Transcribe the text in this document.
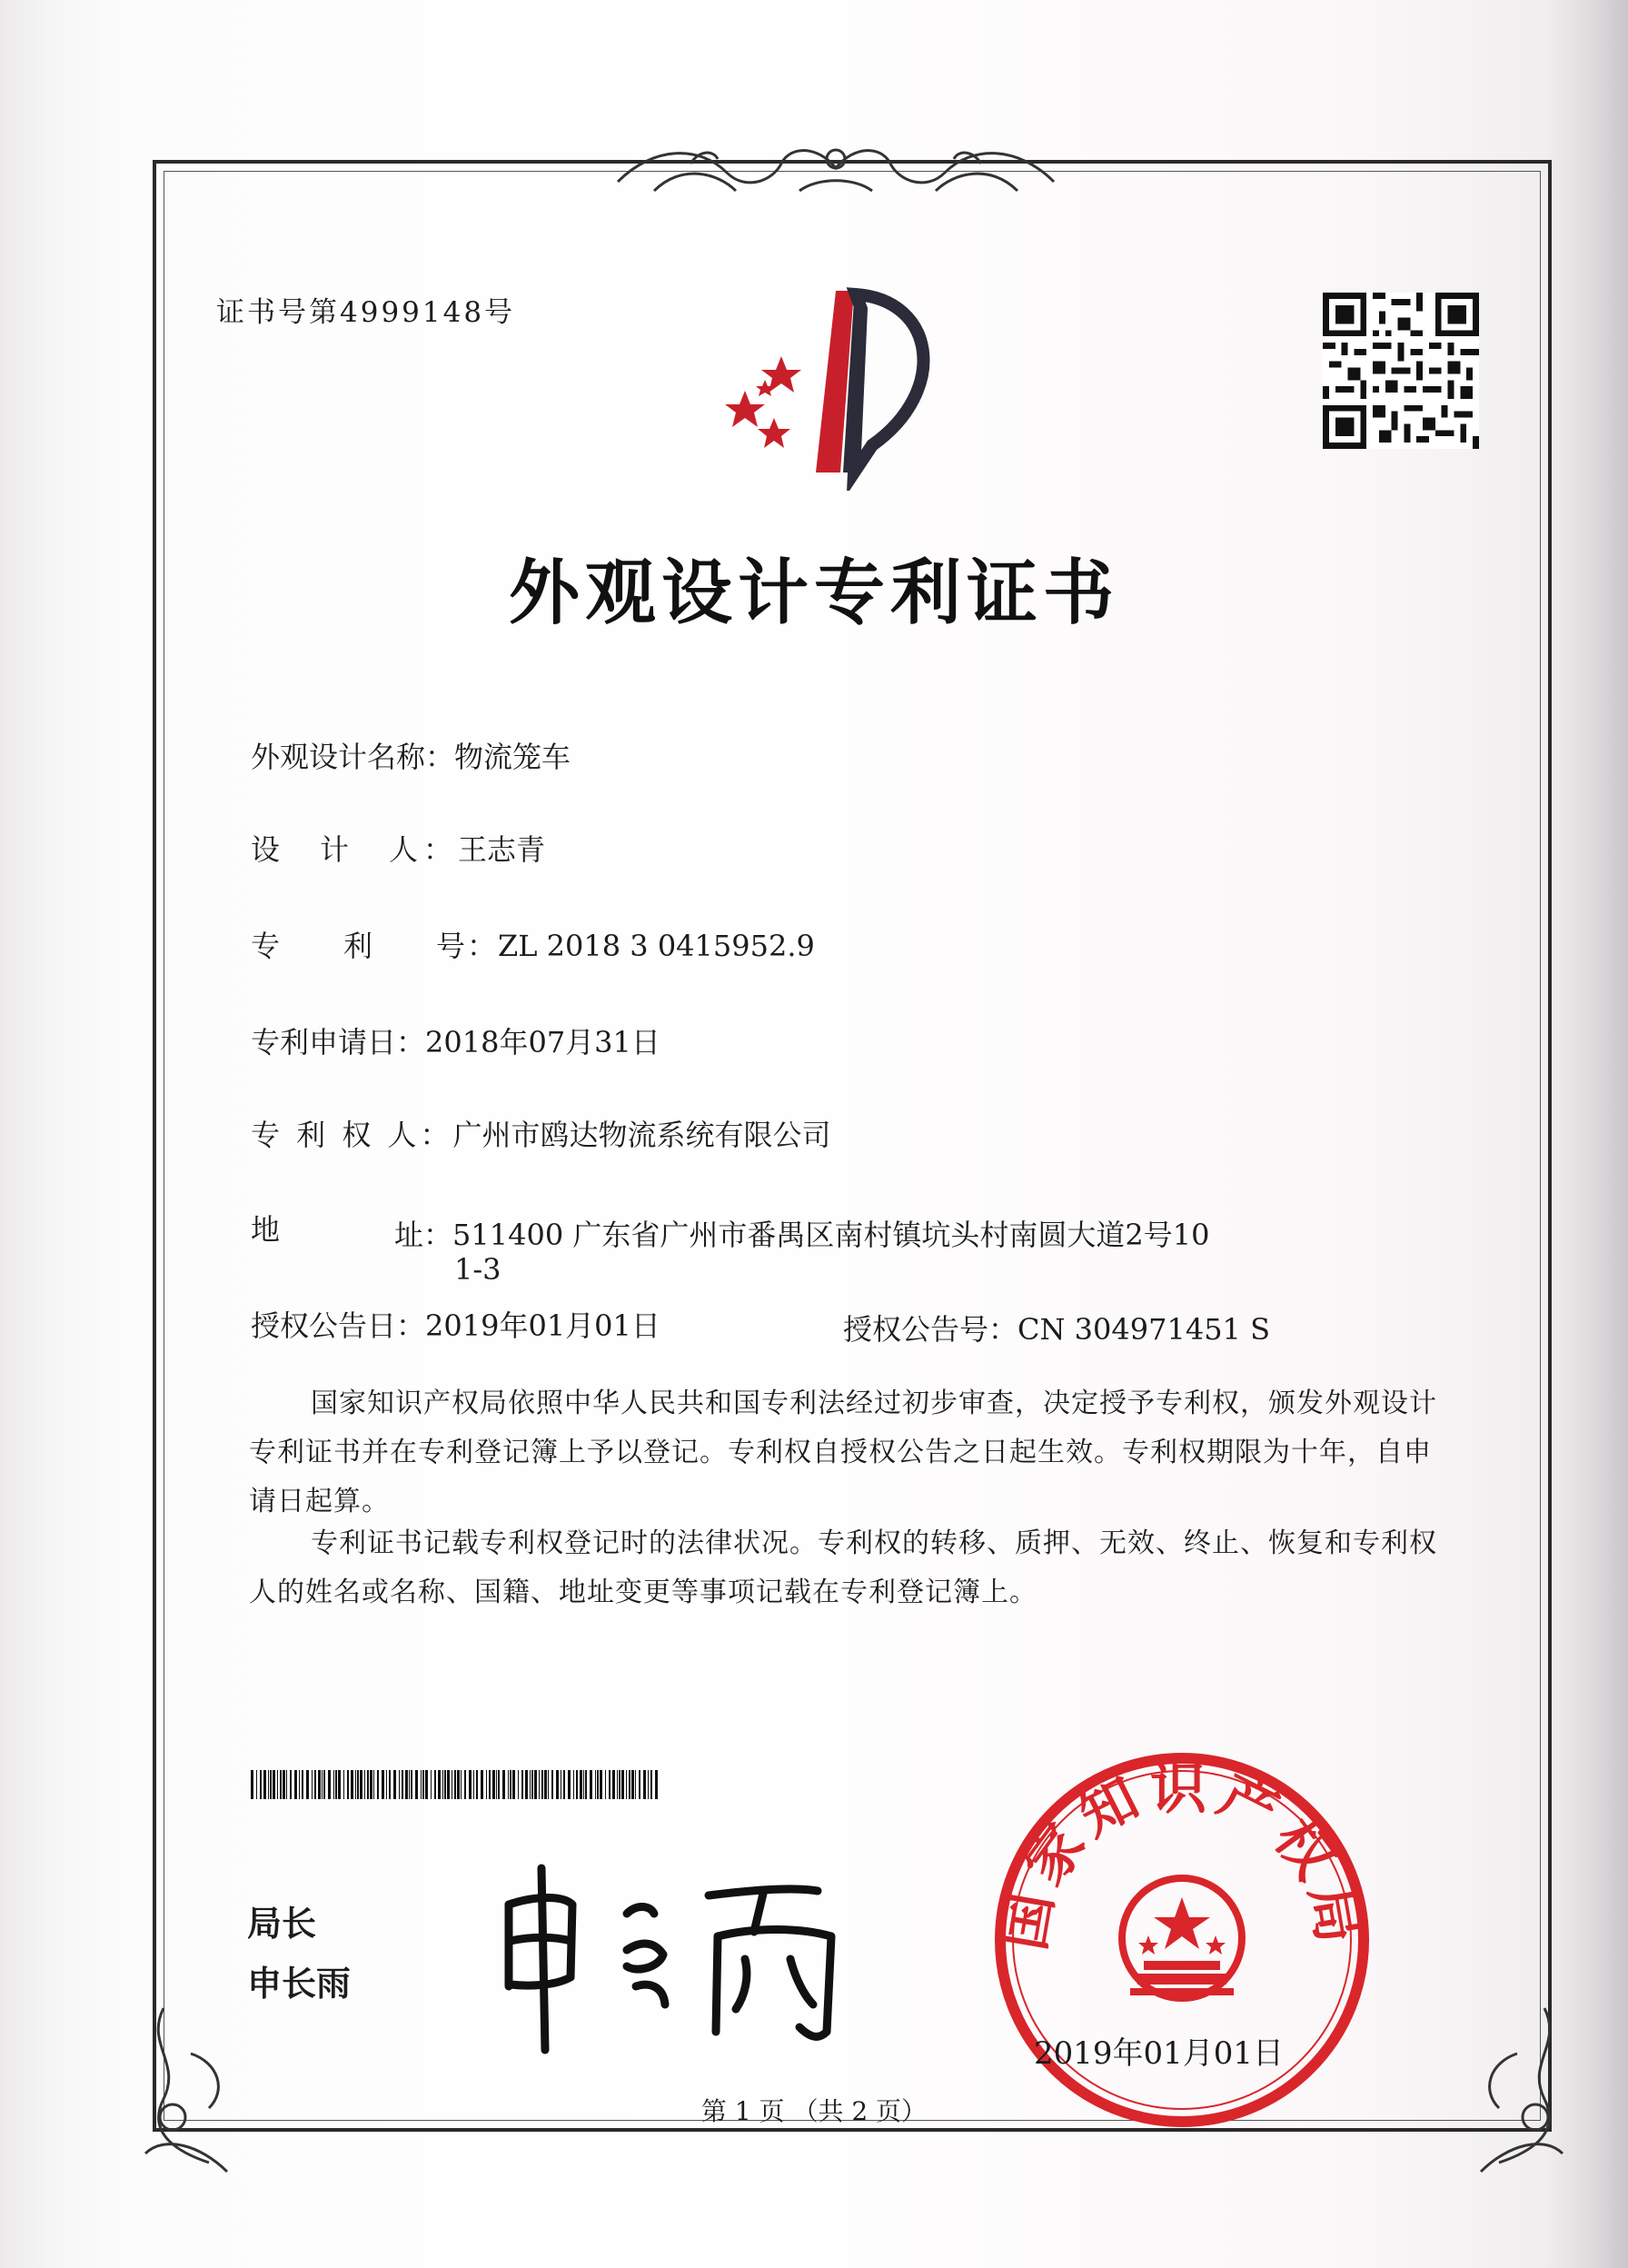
证书号第4999148号
外观设计专利证书
外观设计名称：物流笼车
设　计　人：王志青
专　　利　　号：ZL 2018 3 0415952.9
专利申请日：2018年07月31日
专 利 权 人：广州市鸥达物流系统有限公司
地	址：511400 广东省广州市番禺区南村镇坑头村南圆大道2号10
1-3
授权公告日：2019年01月01日	授权公告号：CN 304971451 S
国家知识产权局依照中华人民共和国专利法经过初步审查，决定授予专利权，颁发外观设计专利证书并在专利登记簿上予以登记。专利权自授权公告之日起生效。专利权期限为十年，自申请日起算。
专利证书记载专利权登记时的法律状况。专利权的转移、质押、无效、终止、恢复和专利权人的姓名或名称、国籍、地址变更等事项记载在专利登记簿上。
局长
申长雨
国家知识产权局
2019年01月01日
第 1 页 （共 2 页）
